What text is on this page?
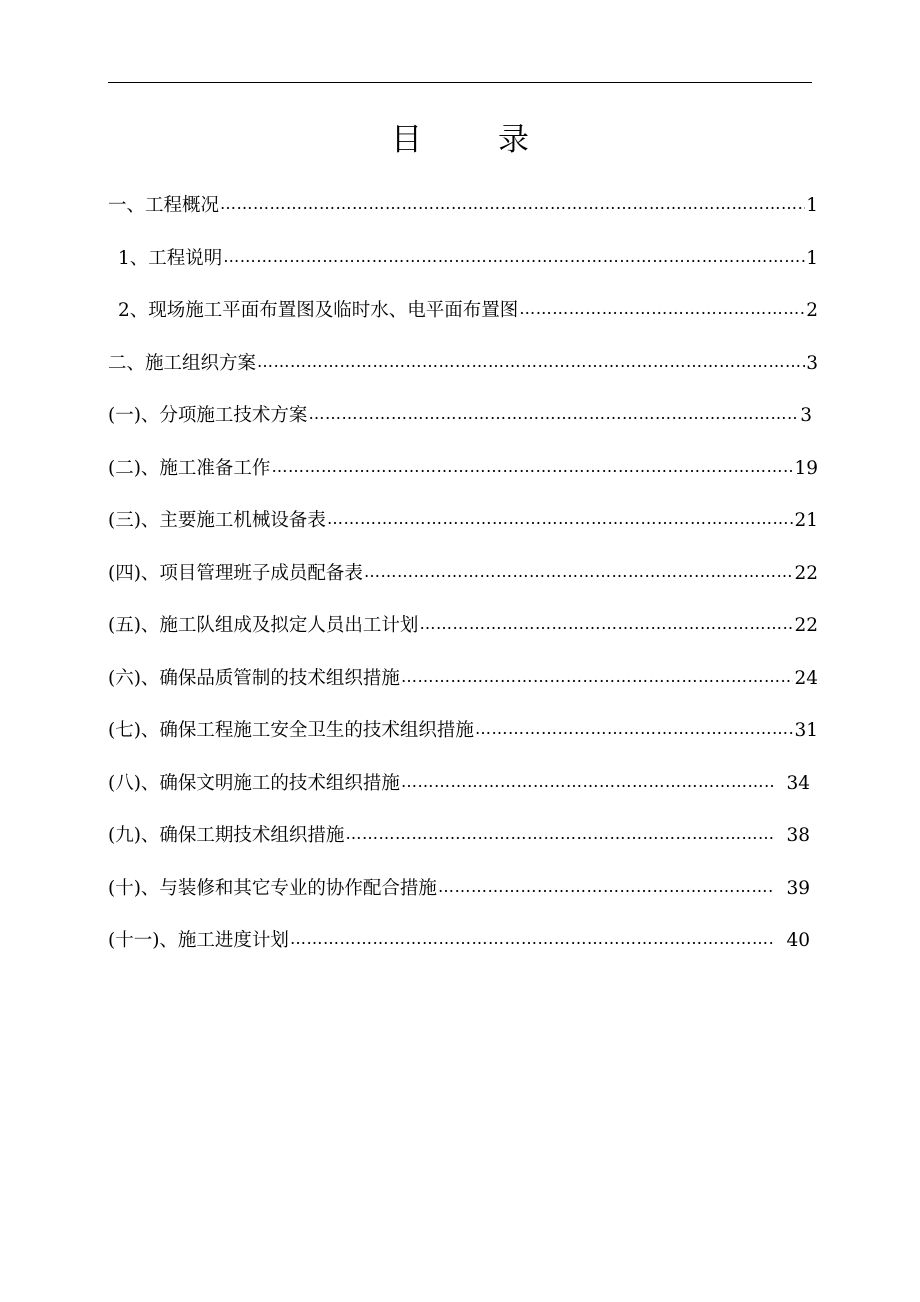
目录
一、工程概况 ……………………………………………………………………………………………………………………………………………………………………………………………………………………	1
1、工程说明 ……………………………………………………………………………………………………………………………………………………………………………………………………………………	1
2、现场施工平面布置图及临时水、电平面布置图 ……………………………………………………………………………………………………………………………………………………………………………………………………………………	2
二、施工组织方案 ……………………………………………………………………………………………………………………………………………………………………………………………………………………	3
(一)、分项施工技术方案 ……………………………………………………………………………………………………………………………………………………………………………………………………………………	3
(二)、施工准备工作 ……………………………………………………………………………………………………………………………………………………………………………………………………………………	19
(三)、主要施工机械设备表 ……………………………………………………………………………………………………………………………………………………………………………………………………………………	21
(四)、项目管理班子成员配备表 ……………………………………………………………………………………………………………………………………………………………………………………………………………………	22
(五)、施工队组成及拟定人员出工计划 ……………………………………………………………………………………………………………………………………………………………………………………………………………………	22
(六)、确保品质管制的技术组织措施 ……………………………………………………………………………………………………………………………………………………………………………………………………………………	24
(七)、确保工程施工安全卫生的技术组织措施 ……………………………………………………………………………………………………………………………………………………………………………………………………………………	31
(八)、确保文明施工的技术组织措施 ……………………………………………………………………………………………………………………………………………………………………………………………………………………	34
(九)、确保工期技术组织措施 ……………………………………………………………………………………………………………………………………………………………………………………………………………………	38
(十)、与装修和其它专业的协作配合措施 ……………………………………………………………………………………………………………………………………………………………………………………………………………………	39
(十一)、施工进度计划 ……………………………………………………………………………………………………………………………………………………………………………………………………………………	40
